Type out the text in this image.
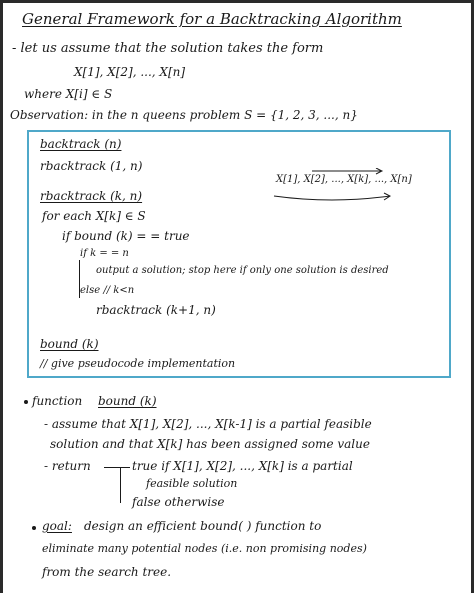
General Framework for a Backtracking Algorithm
- let us assume that the solution takes the form
X[1], X[2], ..., X[n]
where X[i] ∈ S
Observation: in the n queens problem S = {1, 2, 3, ..., n}
backtrack (n)
rbacktrack (1, n)
X[1], X[2], ..., X[k], ..., X[n]
rbacktrack (k, n)
for each X[k] ∈ S
if bound (k) = = true
if k = = n
output a solution; stop here if only one solution is desired
else // k<n
rbacktrack (k+1, n)
bound (k)
// give pseudocode implementation
function bound (k)
- assume that X[1], X[2], ..., X[k-1] is a partial feasible
solution and that X[k] has been assigned some value
- return	true if X[1], X[2], ..., X[k] is a partial
feasible solution
false otherwise
goal: design an efficient bound( ) function to
eliminate many potential nodes (i.e. non promising nodes)
from the search tree.
